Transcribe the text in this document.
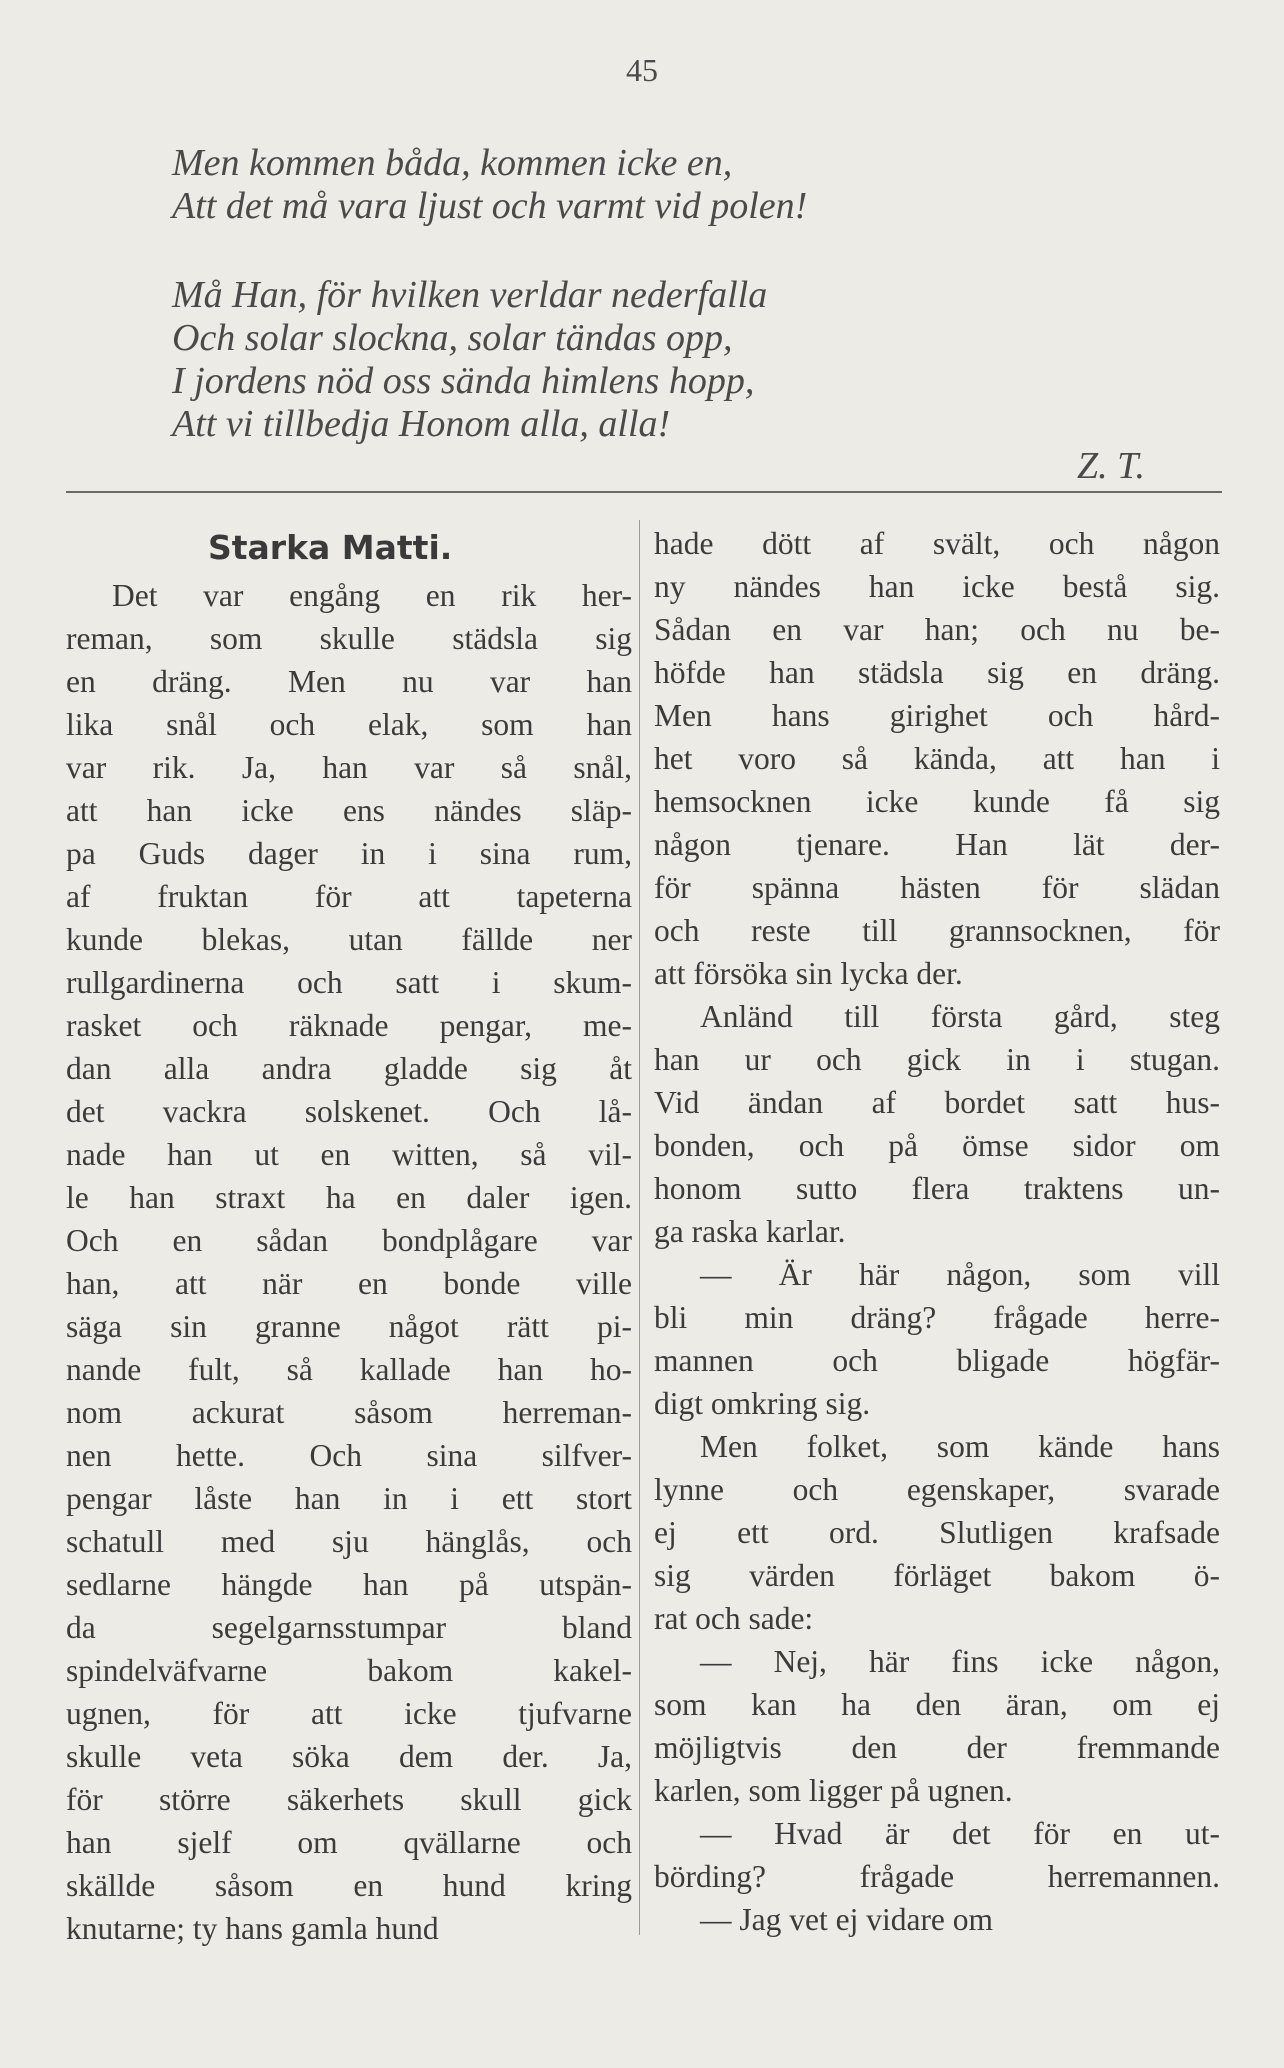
45
Men kommen båda, kommen icke en,
Att det må vara ljust och varmt vid polen!
Må Han, för hvilken verldar nederfalla
Och solar slockna, solar tändas opp,
I jordens nöd oss sända himlens hopp,
Att vi tillbedja Honom alla, alla!
Z. T.
Starka Matti.
Det var engång en rik her-
reman, som skulle städsla sig
en dräng. Men nu var han
lika snål och elak, som han
var rik. Ja, han var så snål,
att han icke ens nändes släp-
pa Guds dager in i sina rum,
af fruktan för att tapeterna
kunde blekas, utan fällde ner
rullgardinerna och satt i skum-
rasket och räknade pengar, me-
dan alla andra gladde sig åt
det vackra solskenet. Och lå-
nade han ut en witten, så vil-
le han straxt ha en daler igen.
Och en sådan bondplågare var
han, att när en bonde ville
säga sin granne något rätt pi-
nande fult, så kallade han ho-
nom ackurat såsom herreman-
nen hette. Och sina silfver-
pengar låste han in i ett stort
schatull med sju hänglås, och
sedlarne hängde han på utspän-
da segelgarnsstumpar bland
spindelväfvarne bakom kakel-
ugnen, för att icke tjufvarne
skulle veta söka dem der. Ja,
för större säkerhets skull gick
han sjelf om qvällarne och
skällde såsom en hund kring
knutarne; ty hans gamla hund
hade dött af svält, och någon
ny nändes han icke bestå sig.
Sådan en var han; och nu be-
höfde han städsla sig en dräng.
Men hans girighet och hård-
het voro så kända, att han i
hemsocknen icke kunde få sig
någon tjenare. Han lät der-
för spänna hästen för slädan
och reste till grannsocknen, för
att försöka sin lycka der.
Anländ till första gård, steg
han ur och gick in i stugan.
Vid ändan af bordet satt hus-
bonden, och på ömse sidor om
honom sutto flera traktens un-
ga raska karlar.
— Är här någon, som vill
bli min dräng? frågade herre-
mannen och bligade högfär-
digt omkring sig.
Men folket, som kände hans
lynne och egenskaper, svarade
ej ett ord. Slutligen krafsade
sig värden förläget bakom ö-
rat och sade:
— Nej, här fins icke någon,
som kan ha den äran, om ej
möjligtvis den der fremmande
karlen, som ligger på ugnen.
— Hvad är det för en ut-
börding? frågade herremannen.
— Jag vet ej vidare om
